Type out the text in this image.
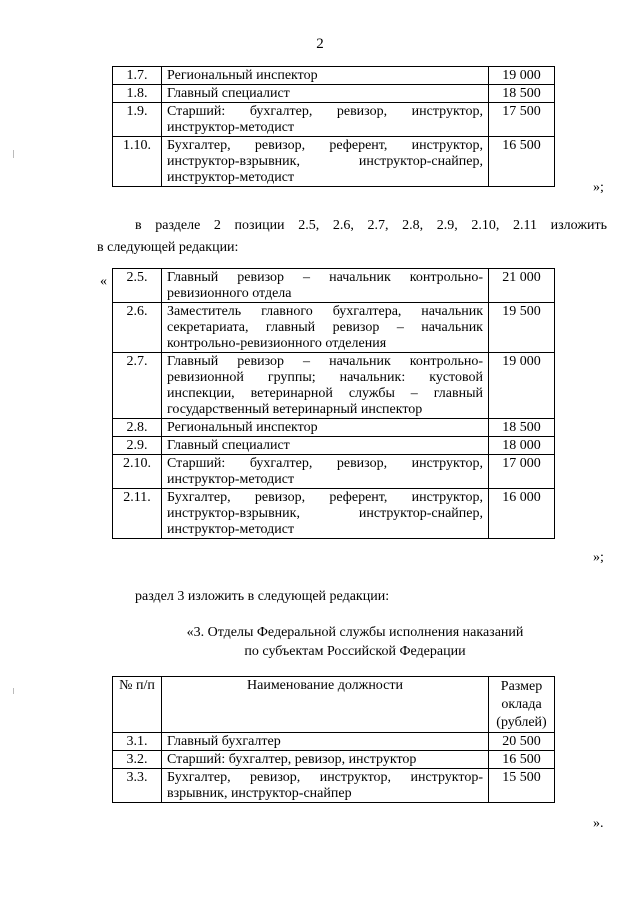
2
1.7.	Региональный инспектор	19 000
1.8.	Главный специалист	18 500
1.9.	Старший: бухгалтер, ревизор, инструктор, инструктор-методист	17 500
1.10.	Бухгалтер, ревизор, референт, инструктор, инструктор-взрывник, инструктор-снайпер, инструктор-методист	16 500
»;
в разделе 2 позиции 2.5, 2.6, 2.7, 2.8, 2.9, 2.10, 2.11 изложить
в следующей редакции:
« 2.5.	Главный ревизор – начальник контрольно-ревизионного отдела	21 000
2.6.	Заместитель главного бухгалтера, начальник секретариата, главный ревизор – начальник контрольно-ревизионного отделения	19 500
2.7.	Главный ревизор – начальник контрольно-ревизионной группы; начальник: кустовой инспекции, ветеринарной службы – главный государственный ветеринарный инспектор	19 000
2.8.	Региональный инспектор	18 500
2.9.	Главный специалист	18 000
2.10.	Старший: бухгалтер, ревизор, инструктор, инструктор-методист	17 000
2.11.	Бухгалтер, ревизор, референт, инструктор, инструктор-взрывник, инструктор-снайпер, инструктор-методист	16 000
»;
раздел 3 изложить в следующей редакции:
«3. Отделы Федеральной службы исполнения наказаний
по субъектам Российской Федерации
№ п/п	Наименование должности	Размер оклада (рублей)
3.1.	Главный бухгалтер	20 500
3.2.	Старший: бухгалтер, ревизор, инструктор	16 500
3.3.	Бухгалтер, ревизор, инструктор, инструктор-взрывник, инструктор-снайпер	15 500
».
